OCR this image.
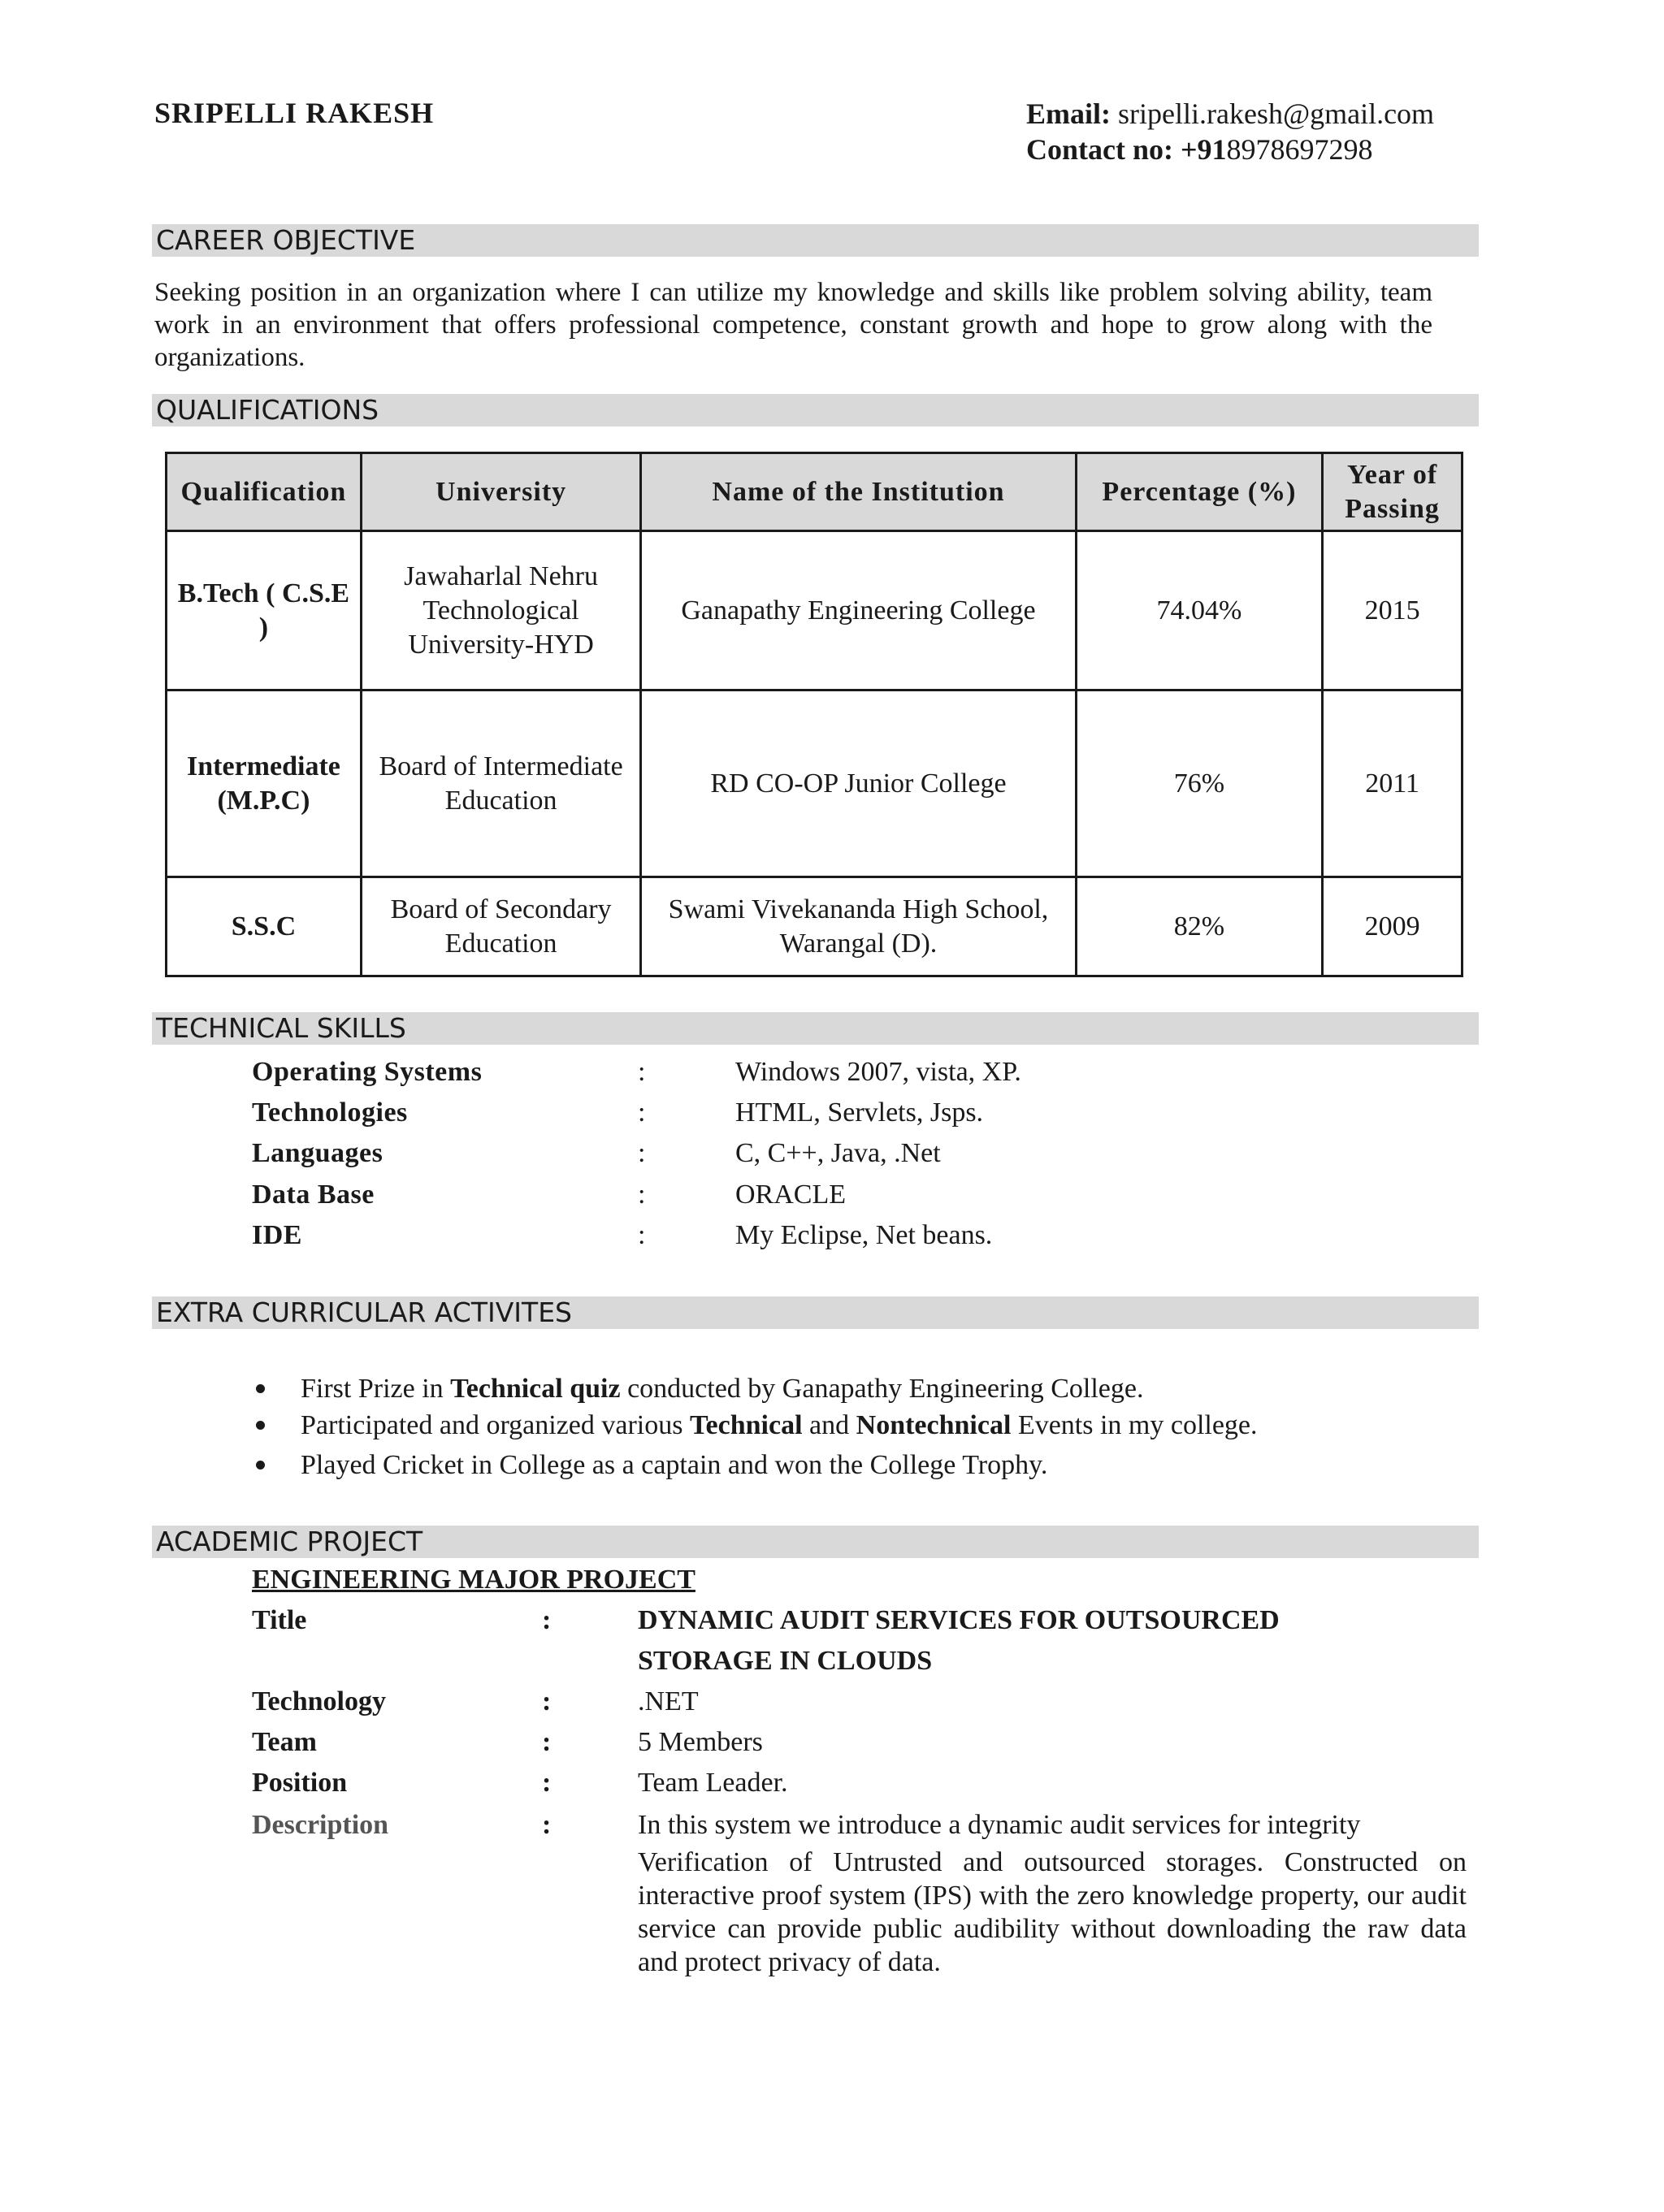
SRIPELLI RAKESH	Email: sripelli.rakesh@gmail.com
Contact no: +918978697298
CAREER OBJECTIVE
Seeking position in an organization where I can utilize my knowledge and skills like problem solving ability, team work in an environment that offers professional competence, constant growth and hope to grow along with the organizations.
QUALIFICATIONS
Qualification	University	Name of the Institution	Percentage (%)	Year of Passing
B.Tech ( C.S.E )	Jawaharlal Nehru Technological University-HYD	Ganapathy Engineering College	74.04%	2015
Intermediate (M.P.C)	Board of Intermediate Education	RD CO-OP Junior College	76%	2011
S.S.C	Board of Secondary Education	Swami Vivekananda High School, Warangal (D).	82%	2009
TECHNICAL SKILLS
Operating Systems	:	Windows 2007, vista, XP.
Technologies	:	HTML, Servlets, Jsps.
Languages	:	C, C++, Java, .Net
Data Base	:	ORACLE
IDE	:	My Eclipse, Net beans.
EXTRA CURRICULAR ACTIVITES
First Prize in Technical quiz conducted by Ganapathy Engineering College.
Participated and organized various Technical and Nontechnical Events in my college.
Played Cricket in College as a captain and won the College Trophy.
ACADEMIC PROJECT
ENGINEERING MAJOR PROJECT
Title	:	DYNAMIC AUDIT SERVICES FOR OUTSOURCED STORAGE IN CLOUDS
Technology	:	.NET
Team	:	5 Members
Position	:	Team Leader.
Description	:	In this system we introduce a dynamic audit services for integrity
Verification of Untrusted and outsourced storages. Constructed on interactive proof system (IPS) with the zero knowledge property, our audit service can provide public audibility without downloading the raw data and protect privacy of data.
